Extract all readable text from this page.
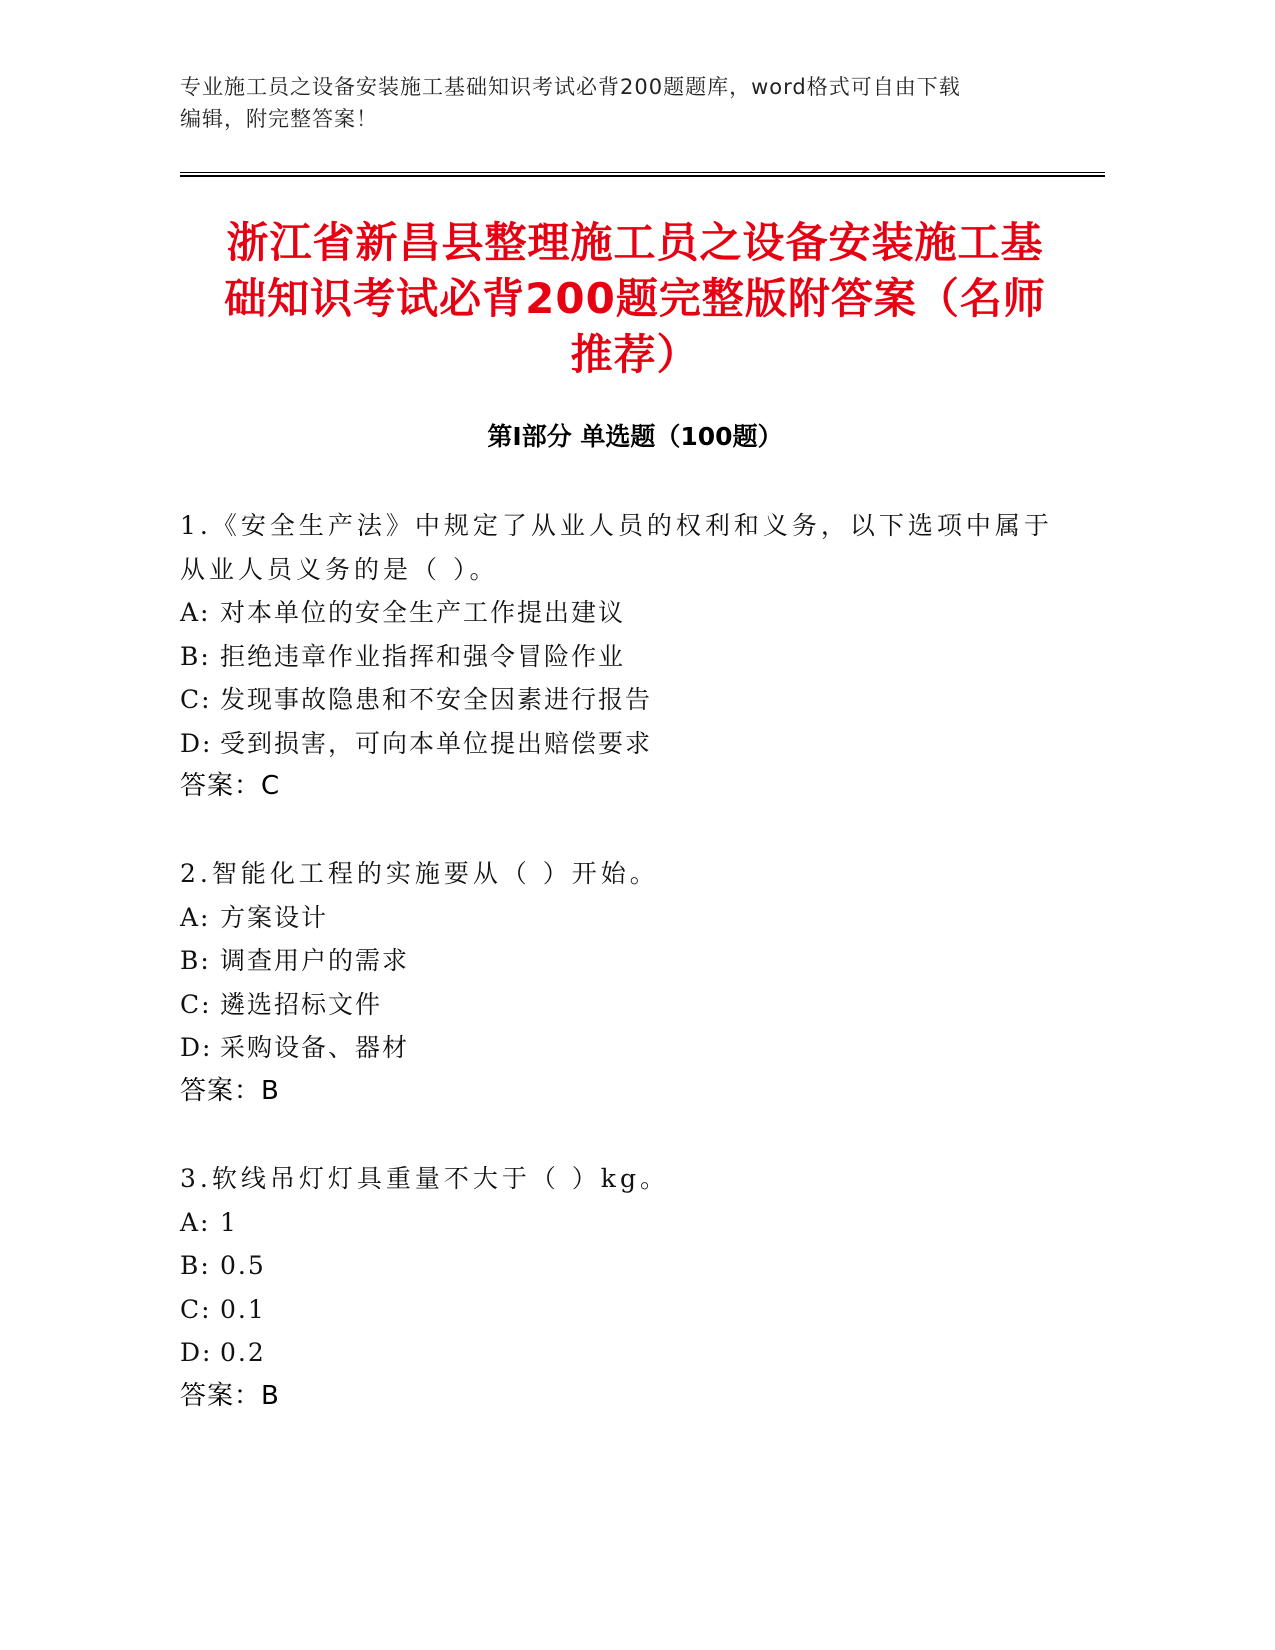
专业施工员之设备安装施工基础知识考试必背200题题库，word格式可自由下载
编辑，附完整答案！
浙江省新昌县整理施工员之设备安装施工基
础知识考试必背200题完整版附答案（名师
推荐）
第Ⅰ部分 单选题（100题）
1.《安全生产法》中规定了从业人员的权利和义务，以下选项中属于
从业人员义务的是（ ）。
A: 对本单位的安全生产工作提出建议
B: 拒绝违章作业指挥和强令冒险作业
C: 发现事故隐患和不安全因素进行报告
D: 受到损害，可向本单位提出赔偿要求
答案：C
2.智能化工程的实施要从（ ）开始。
A: 方案设计
B: 调查用户的需求
C: 遴选招标文件
D: 采购设备、器材
答案：B
3.软线吊灯灯具重量不大于（ ）kg。
A: 1
B: 0.5
C: 0.1
D: 0.2
答案：B
